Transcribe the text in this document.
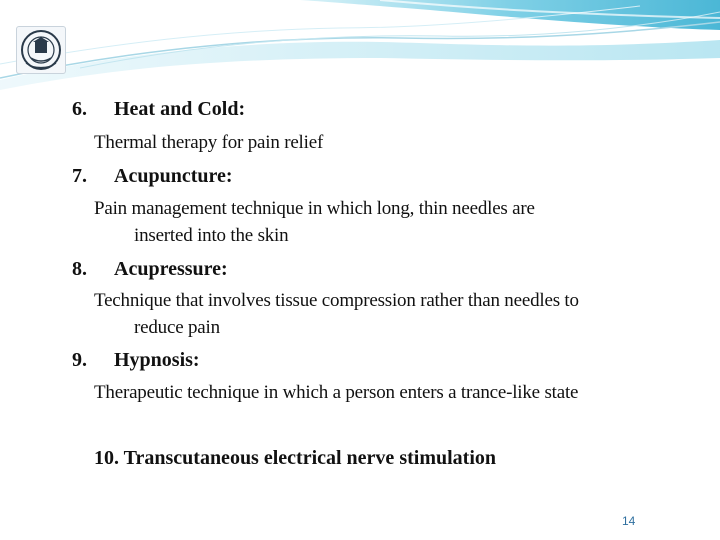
6. Heat and Cold:
Thermal therapy for pain relief
7. Acupuncture:
Pain management technique in which long, thin needles are
inserted into the skin
8. Acupressure:
Technique that involves tissue compression rather than needles to
reduce pain
9. Hypnosis:
Therapeutic technique in which a person enters a trance-like state
10. Transcutaneous electrical nerve stimulation
14
